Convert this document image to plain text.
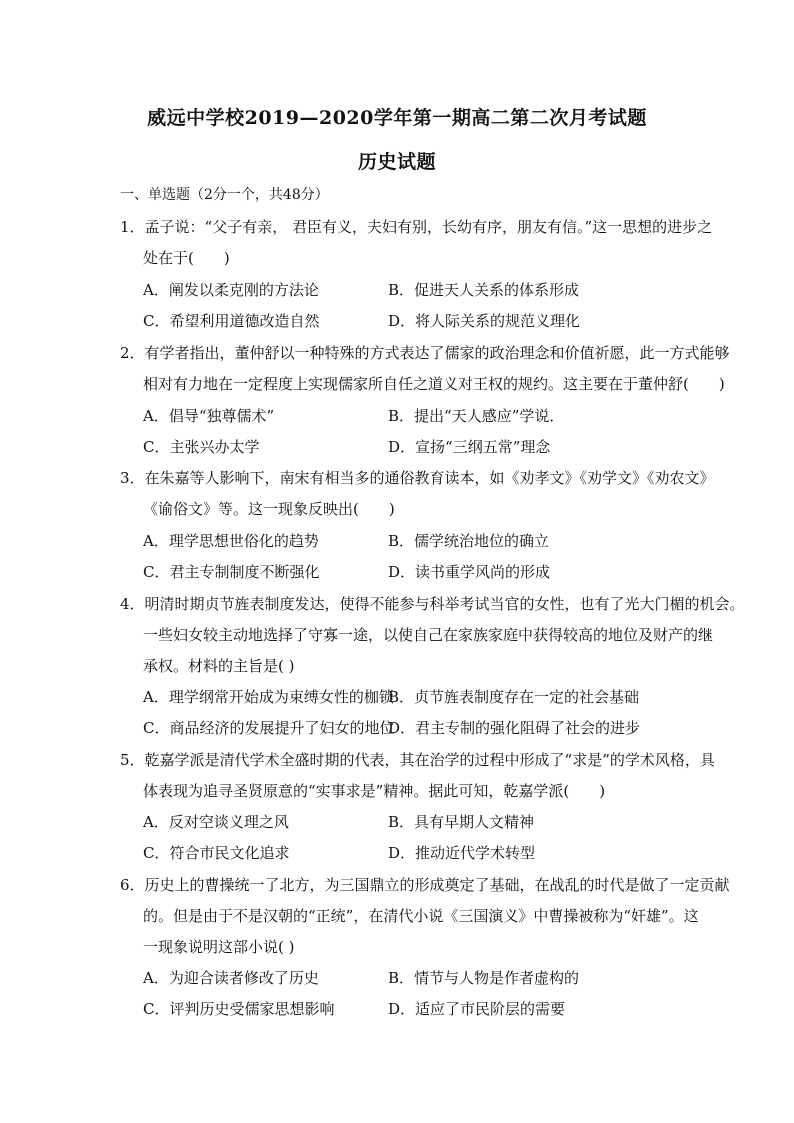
威远中学校2019—2020学年第一期高二第二次月考试题
历史试题
一、单选题（2分一个，共48分）
1．孟子说：“父子有亲， 君臣有义，夫妇有别，长幼有序，朋友有信。”这一思想的进步之
处在于(　　)
A．阐发以柔克刚的方法论	B．促进天人关系的体系形成
C．希望利用道德改造自然	D．将人际关系的规范义理化
2．有学者指出，董仲舒以一种特殊的方式表达了儒家的政治理念和价值祈愿，此一方式能够
相对有力地在一定程度上实现儒家所自任之道义对王权的规约。这主要在于董仲舒(　　)
A．倡导“独尊儒术”	B．提出“天人感应”学说．
C．主张兴办太学	D．宣扬“三纲五常”理念
3．在朱嘉等人影响下，南宋有相当多的通俗教育读本，如《劝孝文》《劝学文》《劝农文》
《谕俗文》等。这一现象反映出(　　)
A．理学思想世俗化的趋势	B．儒学统治地位的确立
C．君主专制制度不断强化	D．读书重学风尚的形成
4．明清时期贞节旌表制度发达，使得不能参与科举考试当官的女性，也有了光大门楣的机会。
一些妇女较主动地选择了守寡一途，以使自己在家族家庭中获得较高的地位及财产的继
承权。材料的主旨是( )
A．理学纲常开始成为束缚女性的枷锁
B．贞节旌表制度存在一定的社会基础
C．商品经济的发展提升了妇女的地位
D．君主专制的强化阻碍了社会的进步
5．乾嘉学派是清代学术全盛时期的代表，其在治学的过程中形成了“求是”的学术风格，具
体表现为追寻圣贤原意的“实事求是”精神。据此可知，乾嘉学派(　　)
A．反对空谈义理之风	B．具有早期人文精神
C．符合市民文化追求	D．推动近代学术转型
6．历史上的曹操统一了北方，为三国鼎立的形成奠定了基础，在战乱的时代是做了一定贡献
的。但是由于不是汉朝的“正统”，在清代小说《三国演义》中曹操被称为“奸雄”。这
一现象说明这部小说( )
A．为迎合读者修改了历史	B．情节与人物是作者虚构的
C．评判历史受儒家思想影响	D．适应了市民阶层的需要
